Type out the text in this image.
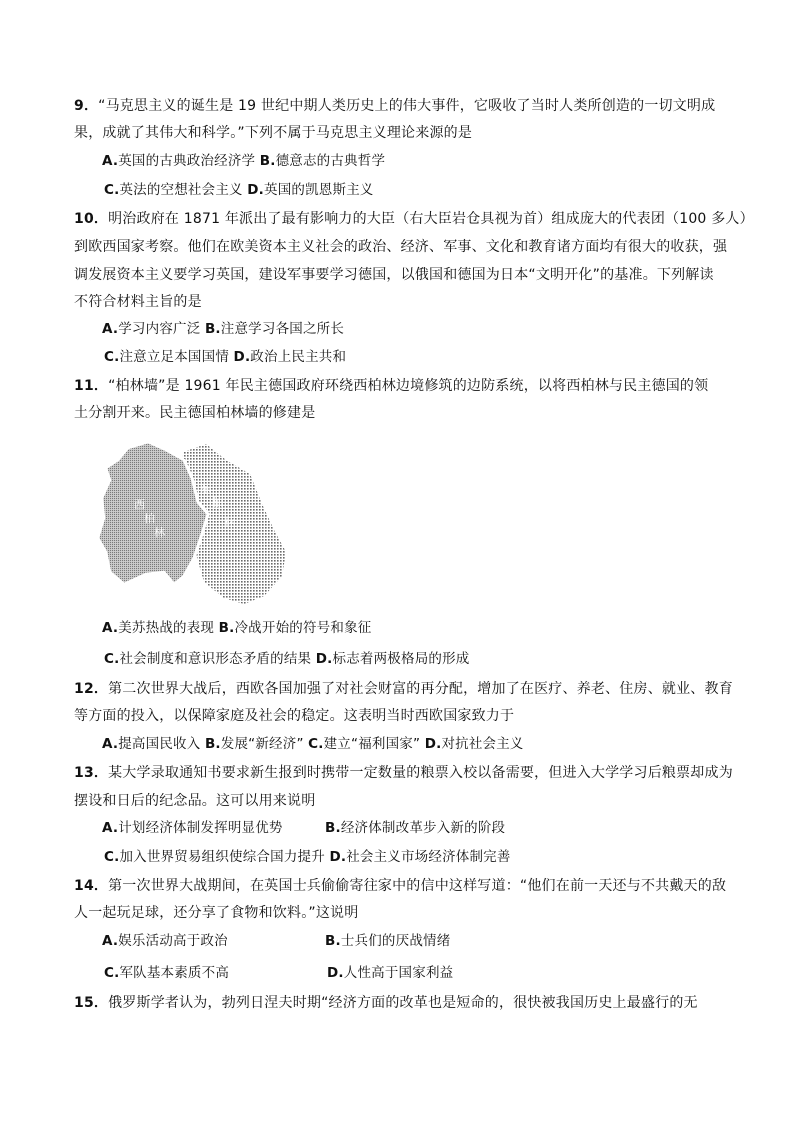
9．“马克思主义的诞生是 19 世纪中期人类历史上的伟大事件，它吸收了当时人类所创造的一切文明成
果，成就了其伟大和科学。”下列不属于马克思主义理论来源的是
A.英国的古典政治经济学 B.德意志的古典哲学
C.英法的空想社会主义 D.英国的凯恩斯主义
10．明治政府在 1871 年派出了最有影响力的大臣（右大臣岩仓具视为首）组成庞大的代表团（100 多人）
到欧西国家考察。他们在欧美资本主义社会的政治、经济、军事、文化和教育诸方面均有很大的收获，强
调发展资本主义要学习英国，建设军事要学习德国，以俄国和德国为日本“文明开化”的基准。下列解读
不符合材料主旨的是
A.学习内容广泛 B.注意学习各国之所长
C.注意立足本国国情 D.政治上民主共和
11．“柏林墙”是 1961 年民主德国政府环绕西柏林边境修筑的边防系统，以将西柏林与民主德国的领
土分割开来。民主德国柏林墙的修建是
西
柏
林
东
柏
林
A.美苏热战的表现 B.冷战开始的符号和象征
C.社会制度和意识形态矛盾的结果 D.标志着两极格局的形成
12．第二次世界大战后，西欧各国加强了对社会财富的再分配，增加了在医疗、养老、住房、就业、教育
等方面的投入，以保障家庭及社会的稳定。这表明当时西欧国家致力于
A.提高国民收入 B.发展“新经济” C.建立“福利国家” D.对抗社会主义
13．某大学录取通知书要求新生报到时携带一定数量的粮票入校以备需要，但进入大学学习后粮票却成为
摆设和日后的纪念品。这可以用来说明
A.计划经济体制发挥明显优势	B.经济体制改革步入新的阶段
C.加入世界贸易组织使综合国力提升 D.社会主义市场经济体制完善
14．第一次世界大战期间，在英国士兵偷偷寄往家中的信中这样写道：“他们在前一天还与不共戴天的敌
人一起玩足球，还分享了食物和饮料。”这说明
A.娱乐活动高于政治	B.士兵们的厌战情绪
C.军队基本素质不高	D.人性高于国家利益
15．俄罗斯学者认为，勃列日涅夫时期“经济方面的改革也是短命的，很快被我国历史上最盛行的无
